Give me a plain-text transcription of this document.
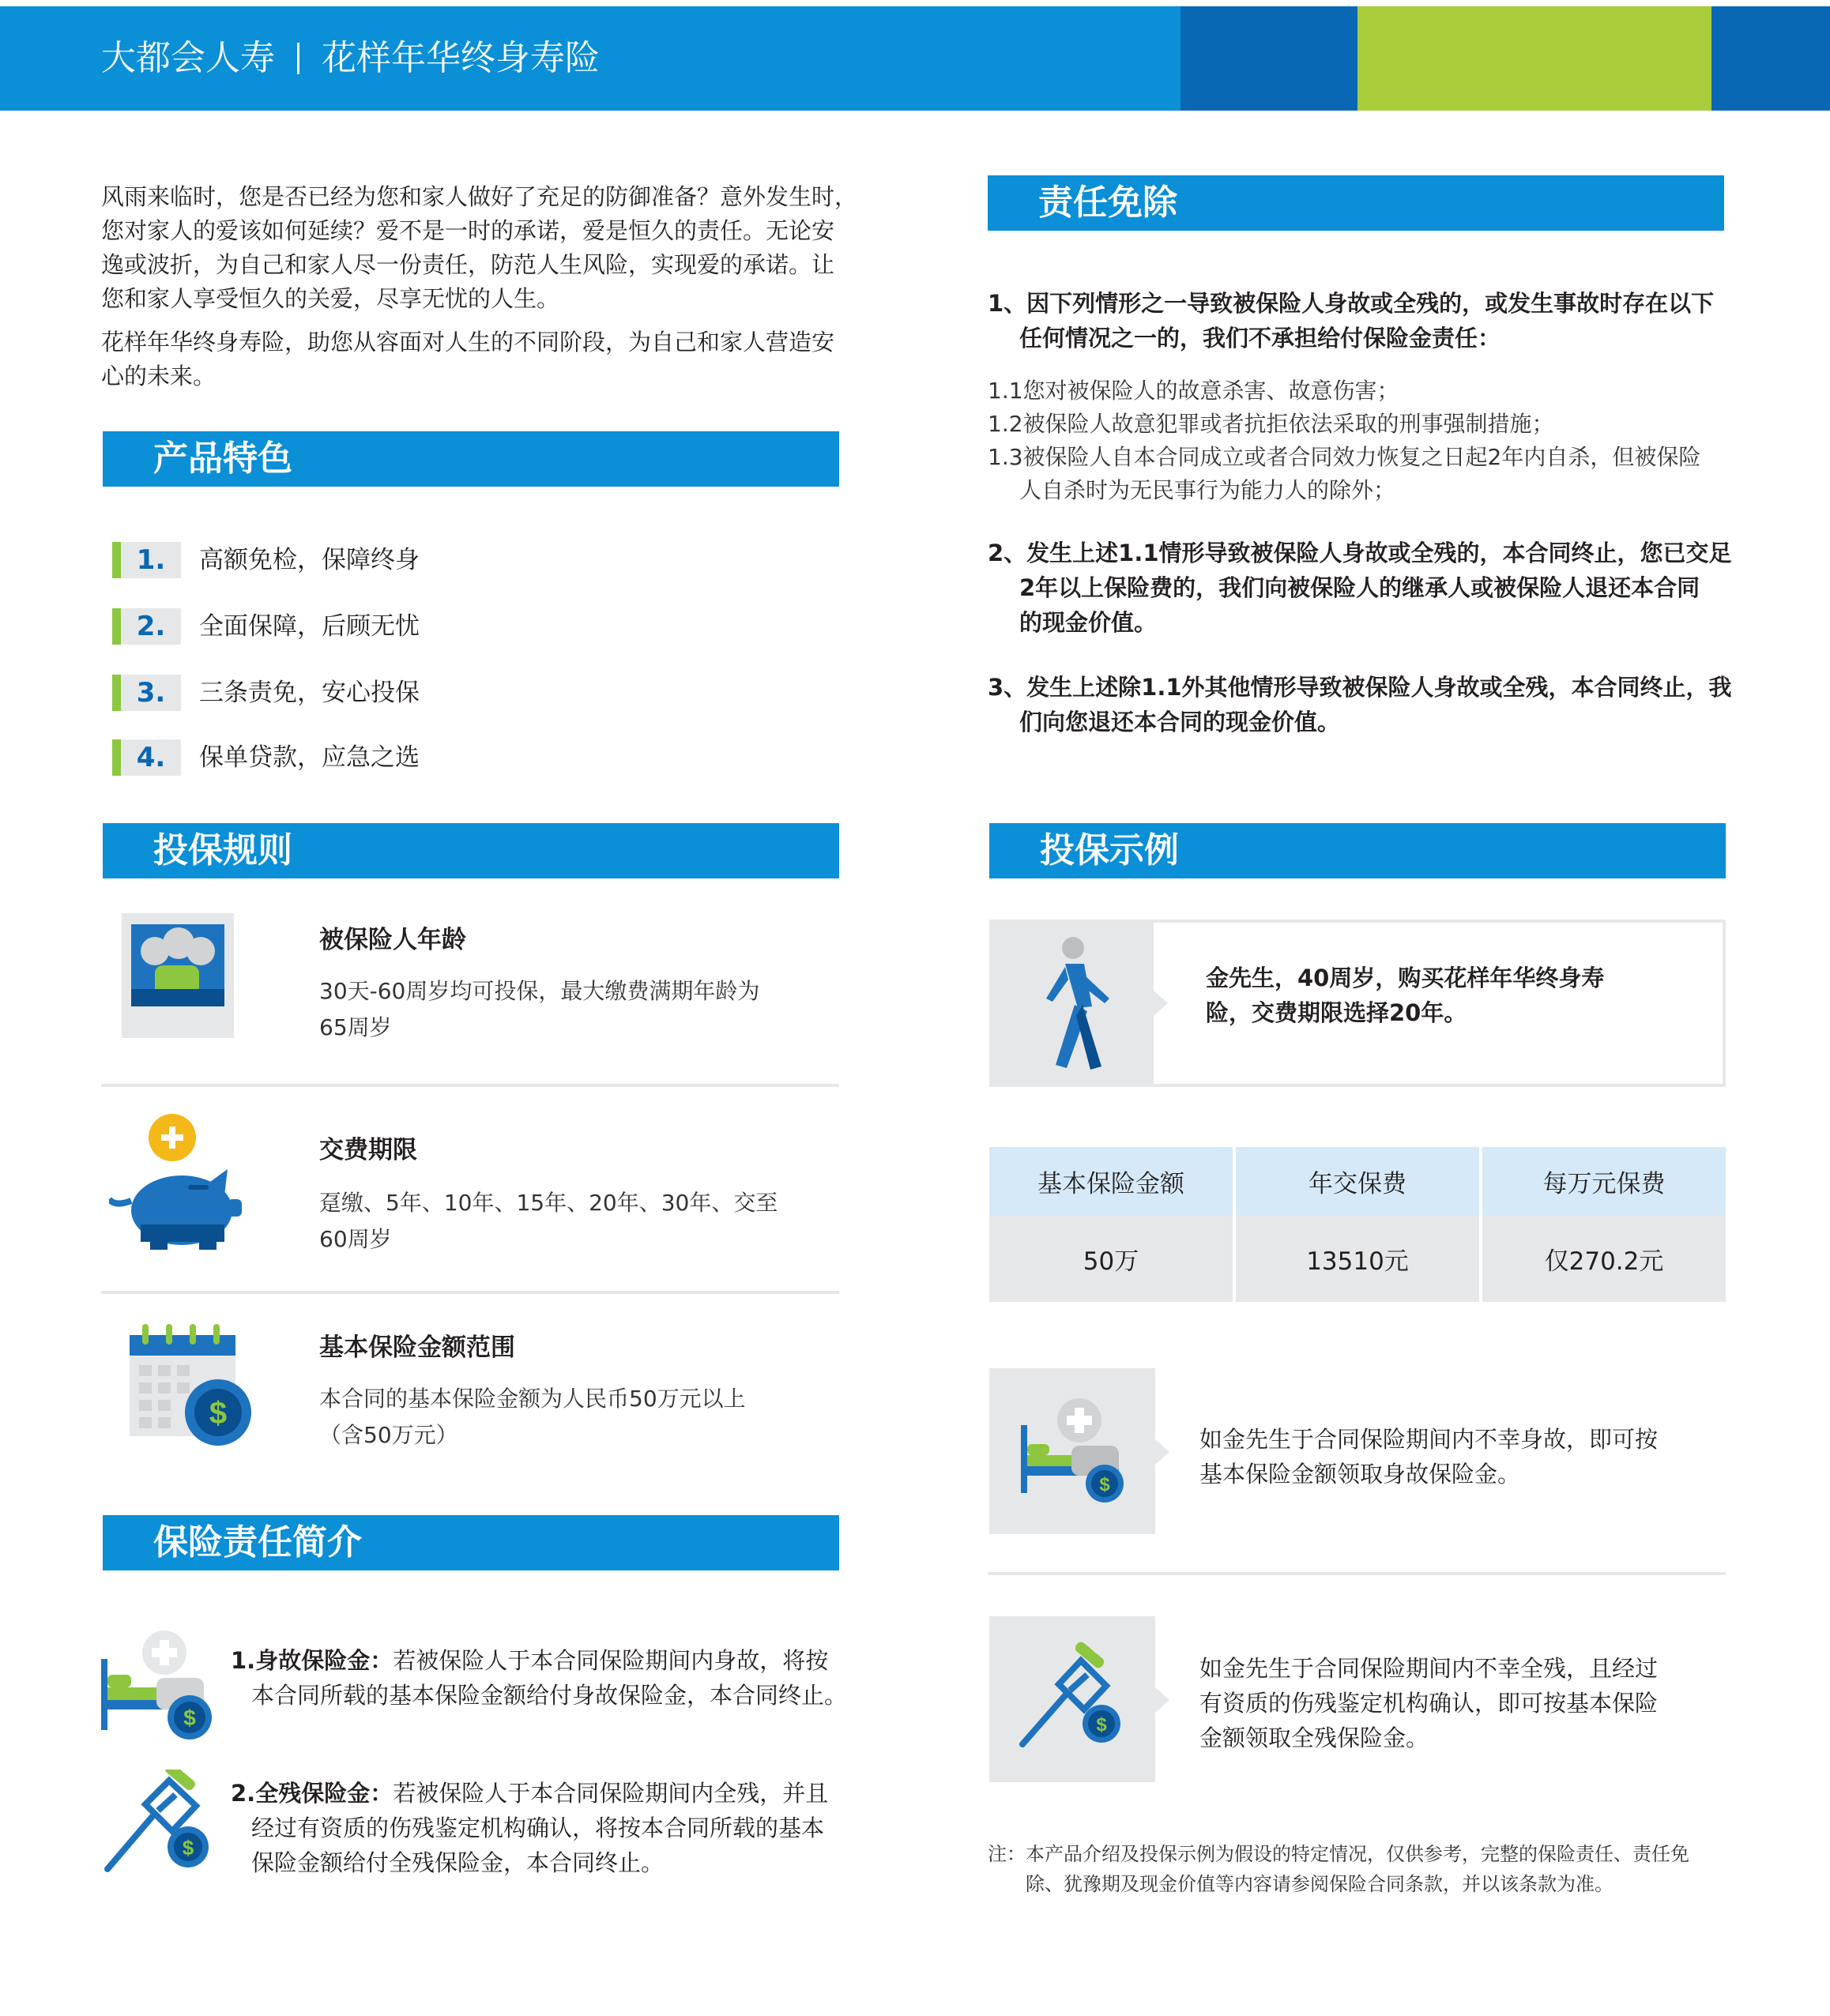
大都会人寿 花样年华终身寿险
风雨来临时，您是否已经为您和家人做好了充足的防御准备？意外发生时，
您对家人的爱该如何延续？爱不是一时的承诺，爱是恒久的责任。无论安
逸或波折，为自己和家人尽一份责任，防范人生风险，实现爱的承诺。让
您和家人享受恒久的关爱，尽享无忧的人生。
花样年华终身寿险，助您从容面对人生的不同阶段，为自己和家人营造安
心的未来。
产品特色
1.	高额免检，保障终身
2.	全面保障，后顾无忧
3.	三条责免，安心投保
4.	保单贷款，应急之选
投保规则
被保险人年龄
30天-60周岁均可投保，最大缴费满期年龄为
65周岁
交费期限
趸缴、5年、10年、15年、20年、30年、交至
60周岁
$
基本保险金额范围
本合同的基本保险金额为人民币50万元以上
（含50万元）
保险责任简介
$
1.身故保险金：若被保险人于本合同保险期间内身故，将按
本合同所载的基本保险金额给付身故保险金，本合同终止。
$
2.全残保险金：若被保险人于本合同保险期间内全残，并且
经过有资质的伤残鉴定机构确认，将按本合同所载的基本
保险金额给付全残保险金，本合同终止。
责任免除
1、因下列情形之一导致被保险人身故或全残的，或发生事故时存在以下
任何情况之一的，我们不承担给付保险金责任：
1.1您对被保险人的故意杀害、故意伤害；
1.2被保险人故意犯罪或者抗拒依法采取的刑事强制措施；
1.3被保险人自本合同成立或者合同效力恢复之日起2年内自杀，但被保险
人自杀时为无民事行为能力人的除外；
2、发生上述1.1情形导致被保险人身故或全残的，本合同终止，您已交足
2年以上保险费的，我们向被保险人的继承人或被保险人退还本合同
的现金价值。
3、发生上述除1.1外其他情形导致被保险人身故或全残，本合同终止，我
们向您退还本合同的现金价值。
投保示例
金先生，40周岁，购买花样年华终身寿
险，交费期限选择20年。
基本保险金额	年交保费	每万元保费
50万	13510元	仅270.2元
$
如金先生于合同保险期间内不幸身故，即可按
基本保险金额领取身故保险金。
$
如金先生于合同保险期间内不幸全残，且经过
有资质的伤残鉴定机构确认，即可按基本保险
金额领取全残保险金。
注：本产品介绍及投保示例为假设的特定情况，仅供参考，完整的保险责任、责任免
除、犹豫期及现金价值等内容请参阅保险合同条款，并以该条款为准。
